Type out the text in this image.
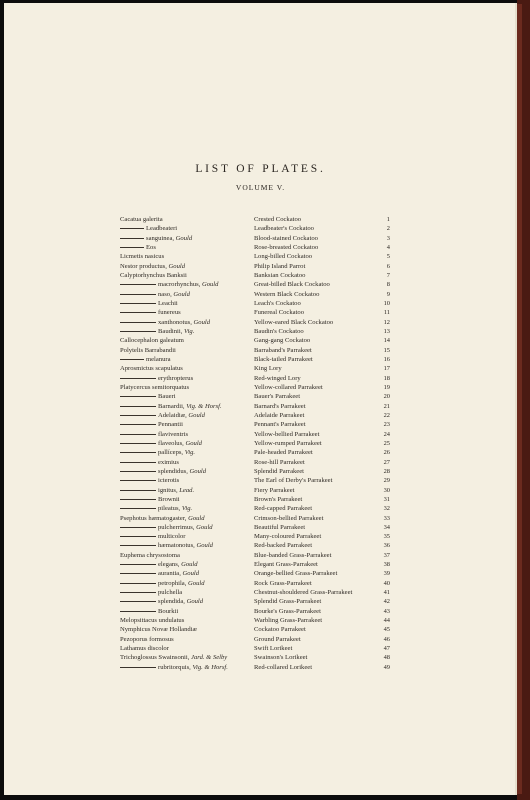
LIST OF PLATES.
VOLUME V.
Cacatua galerita	Crested Cockatoo	1
Leadbeateri	Leadbeater's Cockatoo	2
sanguinea, Gould	Blood-stained Cockatoo	3
Eos	Rose-breasted Cockatoo	4
Licmetis nasicus	Long-billed Cockatoo	5
Nestor productus, Gould	Philip Island Parrot	6
Calyptorhynchus Banksii	Banksian Cockatoo	7
macrorhynchus, Gould	Great-billed Black Cockatoo	8
naso, Gould	Western Black Cockatoo	9
Leachii	Leach's Cockatoo	10
funereus	Funereal Cockatoo	11
xanthonotus, Gould	Yellow-eared Black Cockatoo	12
Baudinii, Vig.	Baudin's Cockatoo	13
Callocephalon galeatum	Gang-gang Cockatoo	14
Polytelis Barrabandii	Barraband's Parrakeet	15
melanura	Black-tailed Parrakeet	16
Aprosmictus scapulatus	King Lory	17
erythropterus	Red-winged Lory	18
Platycercus semitorquatus	Yellow-collared Parrakeet	19
Baueri	Bauer's Parrakeet	20
Barnardii, Vig. & Horsf.	Barnard's Parrakeet	21
Adelaidiæ, Gould	Adelaide Parrakeet	22
Pennantii	Pennant's Parrakeet	23
flaviventris	Yellow-bellied Parrakeet	24
flaveolus, Gould	Yellow-rumped Parrakeet	25
pallíceps, Vig.	Pale-headed Parrakeet	26
eximius	Rose-hill Parrakeet	27
splendidus, Gould	Splendid Parrakeet	28
icterotis	The Earl of Derby's Parrakeet	29
ignitus, Lead.	Fiery Parrakeet	30
Brownii	Brown's Parrakeet	31
pileatus, Vig.	Red-capped Parrakeet	32
Psephotus hæmatogaster, Gould	Crimson-bellied Parrakeet	33
pulcherrimus, Gould	Beautiful Parrakeet	34
multicolor	Many-coloured Parrakeet	35
hæmatonotus, Gould	Red-backed Parrakeet	36
Euphema chrysostoma	Blue-banded Grass-Parrakeet	37
elegans, Gould	Elegant Grass-Parrakeet	38
aurantia, Gould	Orange-bellied Grass-Parrakeet	39
petrophila, Gould	Rock Grass-Parrakeet	40
pulchella	Chestnut-shouldered Grass-Parrakeet	41
splendida, Gould	Splendid Grass-Parrakeet	42
Bourkii	Bourke's Grass-Parrakeet	43
Melopsittacus undulatus	Warbling Grass-Parrakeet	44
Nymphicus Novæ Hollandiæ	Cockatoo Parrakeet	45
Pezoporus formosus	Ground Parrakeet	46
Lathamus discolor	Swift Lorikeet	47
Trichoglossus Swainsonii, Jard. & Selby	Swainson's Lorikeet	48
rubritorquis, Vig. & Horsf.	Red-collared Lorikeet	49
